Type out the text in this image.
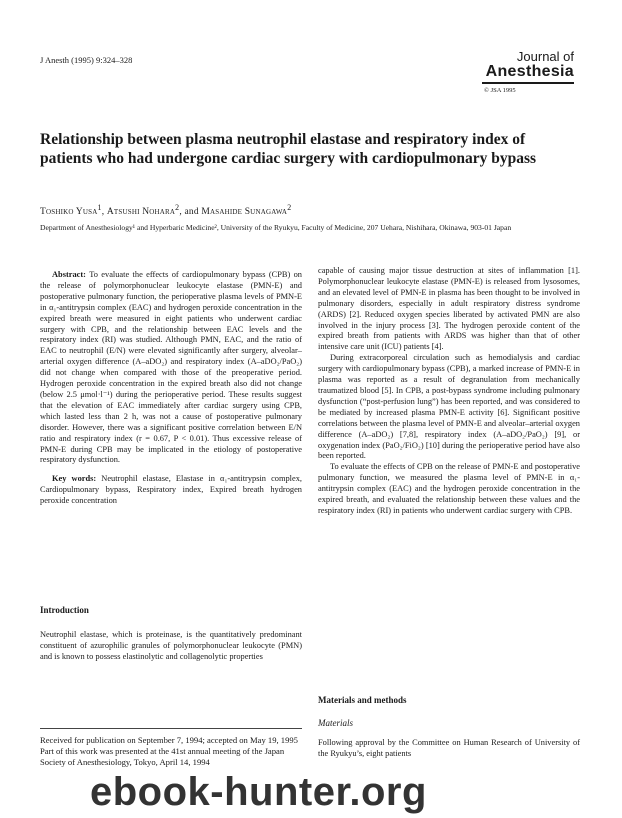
J Anesth (1995) 9:324–328	Journal of
Anesthesia
© JSA 1995
Relationship between plasma neutrophil elastase and respiratory index of patients who had undergone cardiac surgery with cardiopulmonary bypass
Toshiko Yusa$^1$, Atsushi Nohara$^2$, and Masahide Sunagawa$^2$
Department of Anesthesiology¹ and Hyperbaric Medicine², University of the Ryukyu, Faculty of Medicine, 207 Uehara, Nishihara, Okinawa, 903-01 Japan

Abstract: To evaluate the effects of cardiopulmonary bypass (CPB) on the release of polymorphonuclear leukocyte elastase (PMN-E) and postoperative pulmonary function, the perioperative plasma levels of PMN-E in α₁-antitrypsin complex (EAC) and hydrogen peroxide concentration in the expired breath were measured in eight patients who underwent cardiac surgery with CPB, and the relationship between EAC levels and the respiratory index (RI) was studied. Although PMN, EAC, and the ratio of EAC to neutrophil (E/N) were elevated significantly after surgery, alveolar–arterial oxygen difference (A–aDO₂) and respiratory index (A–aDO₂/PaO₂) did not change when compared with those of the preoperative period. Hydrogen peroxide concentration in the expired breath also did not change (below 2.5 μmol·l⁻¹) during the perioperative period. These results suggest that the elevation of EAC immediately after cardiac surgery using CPB, which lasted less than 2 h, was not a cause of postoperative pulmonary disorder. However, there was a significant positive correlation between E/N ratio and respiratory index (r = 0.67, P < 0.01). Thus excessive release of PMN-E during CPB may be implicated in the etiology of postoperative respiratory dysfunction.

Key words: Neutrophil elastase, Elastase in α₁-antitrypsin complex, Cardiopulmonary bypass, Respiratory index, Expired breath hydrogen peroxide concentration

Introduction
Neutrophil elastase, which is proteinase, is the quantitatively predominant constituent of azurophilic granules of polymorphonuclear leukocyte (PMN) and is known to possess elastinolytic and collagenolytic properties

Received for publication on September 7, 1994; accepted on May 19, 1995

Part of this work was presented at the 41st annual meeting of the Japan Society of Anesthesiology, Tokyo, April 14, 1994

capable of causing major tissue destruction at sites of inflammation [1]. Polymorphonuclear leukocyte elastase (PMN-E) is released from lysosomes, and an elevated level of PMN-E in plasma has been thought to be involved in pulmonary disorders, especially in adult respiratory distress syndrome (ARDS) [2]. Reduced oxygen species liberated by activated PMN are also involved in the injury process [3]. The hydrogen peroxide content of the expired breath from patients with ARDS was higher than that of other intensive care unit (ICU) patients [4].

During extracorporeal circulation such as hemodialysis and cardiac surgery with cardiopulmonary bypass (CPB), a marked increase of PMN-E in plasma was reported as a result of degranulation from mechanically traumatized blood [5]. In CPB, a post-bypass syndrome including pulmonary dysfunction (“post-perfusion lung”) has been reported, and was considered to be mediated by increased plasma PMN-E activity [6]. Significant positive correlations between the plasma level of PMN-E and alveolar–arterial oxygen difference (A–aDO₂) [7,8], respiratory index (A–aDO₂/PaO₂) [9], or oxygenation index (PaO₂/FiO₂) [10] during the perioperative period have also been reported.

To evaluate the effects of CPB on the release of PMN-E and postoperative pulmonary function, we measured the plasma level of PMN-E in α₁-antitrypsin complex (EAC) and the hydrogen peroxide concentration in the expired breath, and evaluated the relationship between these values and the respiratory index (RI) in patients who underwent cardiac surgery with CPB.

Materials and methods
Materials
Following approval by the Committee on Human Research of University of the Ryukyu’s, eight patients
ebook-hunter.org
